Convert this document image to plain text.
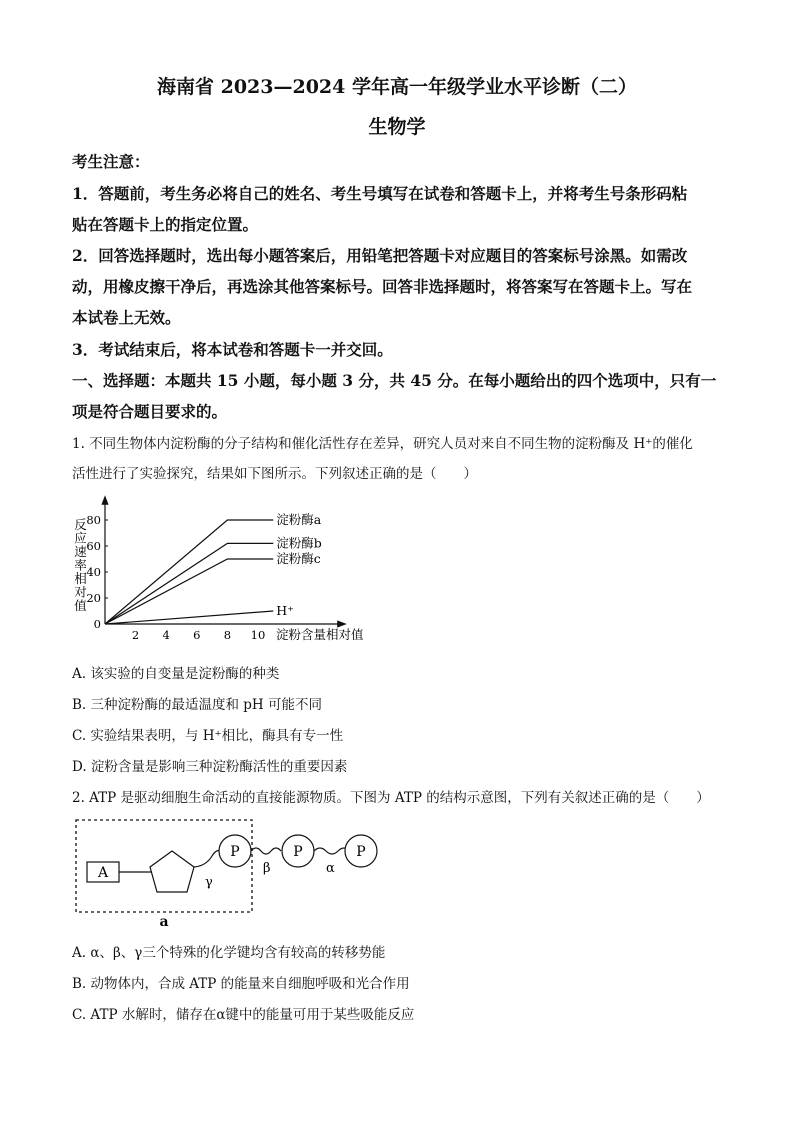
海南省 2023—2024 学年高一年级学业水平诊断（二）
生物学
考生注意：
1．答题前，考生务必将自己的姓名、考生号填写在试卷和答题卡上，并将考生号条形码粘
贴在答题卡上的指定位置。
2．回答选择题时，选出每小题答案后，用铅笔把答题卡对应题目的答案标号涂黑。如需改
动，用橡皮擦干净后，再选涂其他答案标号。回答非选择题时，将答案写在答题卡上。写在
本试卷上无效。
3．考试结束后，将本试卷和答题卡一并交回。
一、选择题：本题共 15 小题，每小题 3 分，共 45 分。在每小题给出的四个选项中，只有一
项是符合题目要求的。
1. 不同生物体内淀粉酶的分子结构和催化活性存在差异，研究人员对来自不同生物的淀粉酶及 H⁺的催化
活性进行了实验探究，结果如下图所示。下列叙述正确的是（　　）
反应速率相对值
淀粉含量相对值
2 4 6 8 10
0
20
40
60
80	淀粉酶a
淀粉酶b
淀粉酶c
H⁺
A. 该实验的自变量是淀粉酶的种类
B. 三种淀粉酶的最适温度和 pH 可能不同
C. 实验结果表明，与 H⁺相比，酶具有专一性
D. 淀粉含量是影响三种淀粉酶活性的重要因素
2. ATP 是驱动细胞生命活动的直接能源物质。下图为 ATP 的结构示意图，下列有关叙述正确的是（　　）
A
P	P	P
γ
β	α
a
A. α、β、γ三个特殊的化学键均含有较高的转移势能
B. 动物体内，合成 ATP 的能量来自细胞呼吸和光合作用
C. ATP 水解时，储存在α键中的能量可用于某些吸能反应
